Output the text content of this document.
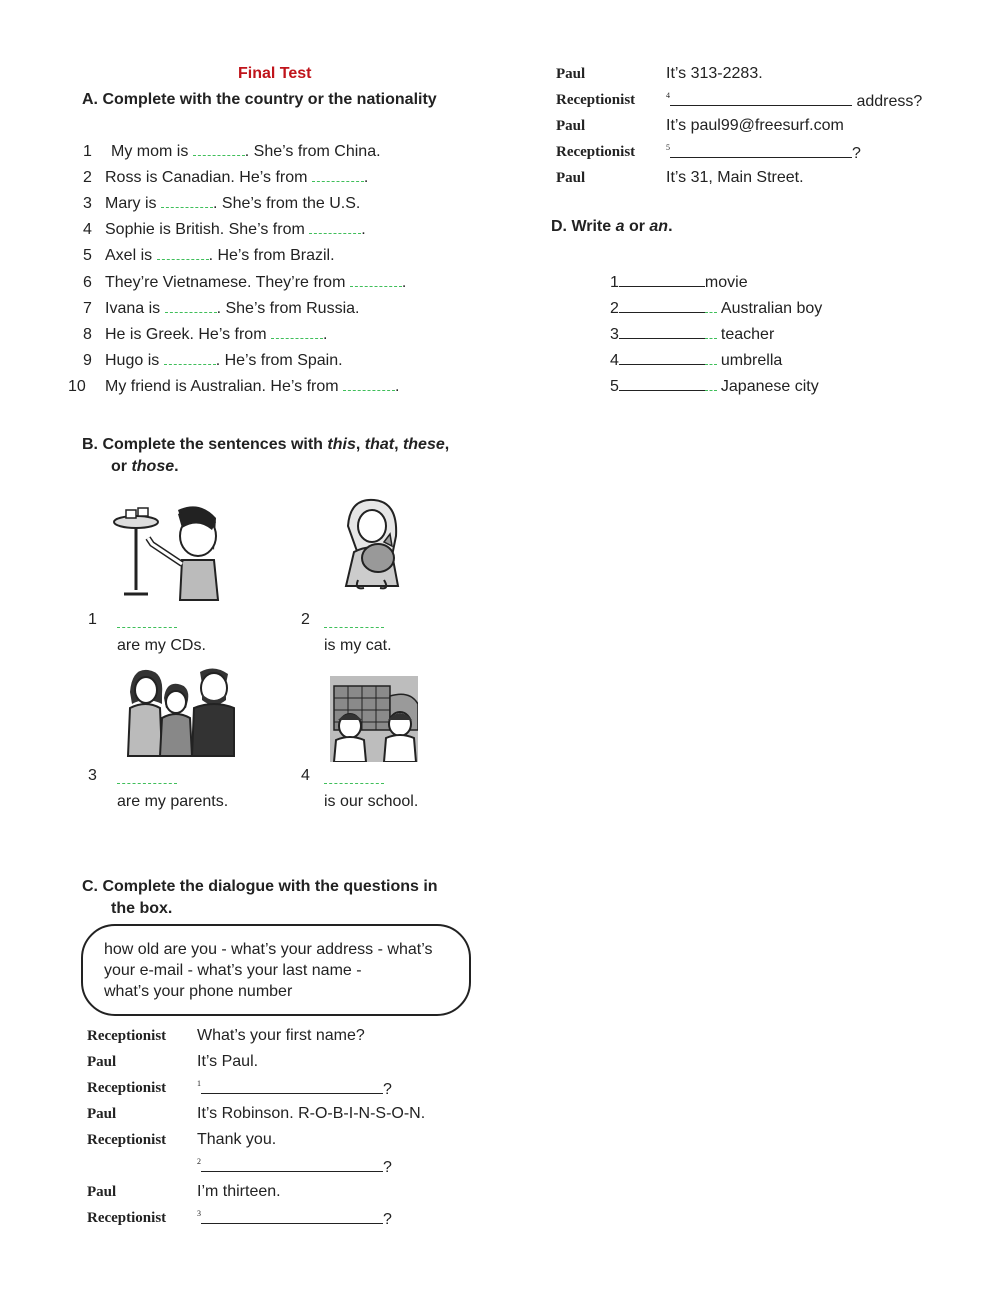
Final Test
A. Complete with the country or the nationality
1 My mom is	. She’s from China.
2 Ross is Canadian. He’s from	.
3 Mary is	. She’s from the U.S.
4 Sophie is British. She’s from	.
5 Axel is	. He’s from Brazil.
6 They’re Vietnamese. They’re from	.
7 Ivana is	. She’s from Russia.
8 He is Greek. He’s from	.
9 Hugo is	. He’s from Spain.
10 My friend is Australian. He’s from	.
B. Complete the sentences with this, that, these,
or those.
1
are my CDs.
2
is my cat.
3
are my parents.
4
is our school.
C. Complete the dialogue with the questions in
the box.
how old are you - what’s your address - what’s
your e-mail - what’s your last name -
what’s your phone number
Receptionist What’s your first name?
Paul	It’s Paul.
Receptionist	$^1$	?
Paul	It’s Robinson. R-O-B-I-N-S-O-N.
Receptionist Thank you.
$^2$	?
Paul	I’m thirteen.
Receptionist	$^3$	?
Paul	It’s 313-2283.
Receptionist	$^4$	address?
Paul	It’s paul99@freesurf.com
Receptionist	$^5$	?
Paul	It’s 31, Main Street.
D. Write a or an.
1	movie
2	Australian boy
3	teacher
4	umbrella
5	Japanese city
